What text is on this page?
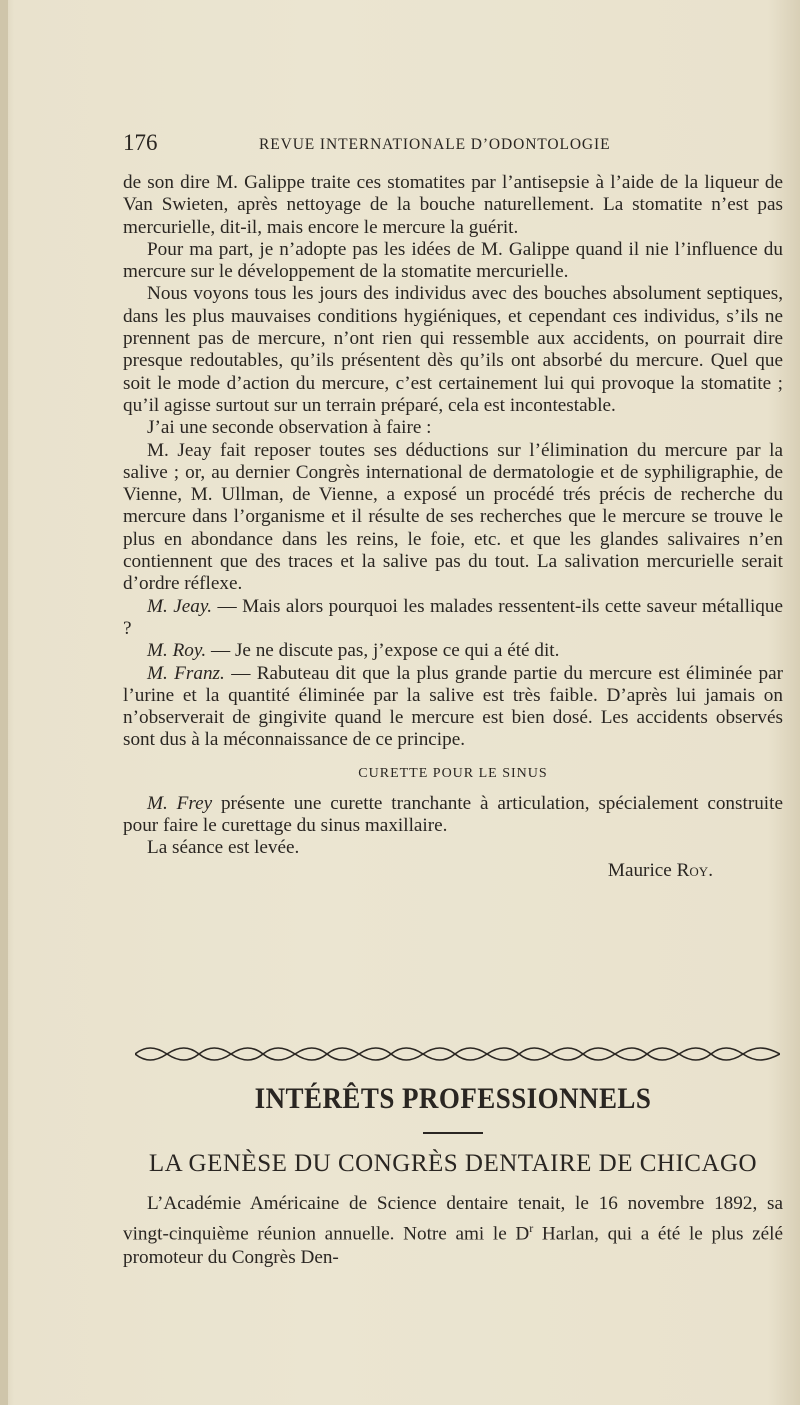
176	REVUE INTERNATIONALE D’ODONTOLOGIE

de son dire M. Galippe traite ces stomatites par l’antisepsie à l’aide de la liqueur de Van Swieten, après nettoyage de la bouche naturellement. La stomatite n’est pas mercurielle, dit-il, mais encore le mercure la guérit.

Pour ma part, je n’adopte pas les idées de M. Galippe quand il nie l’influence du mercure sur le développement de la stomatite mercurielle.

Nous voyons tous les jours des individus avec des bouches absolument septiques, dans les plus mauvaises conditions hygiéniques, et cependant ces individus, s’ils ne prennent pas de mercure, n’ont rien qui ressemble aux accidents, on pourrait dire presque redoutables, qu’ils présentent dès qu’ils ont absorbé du mercure. Quel que soit le mode d’action du mercure, c’est certainement lui qui provoque la stomatite ; qu’il agisse surtout sur un terrain préparé, cela est incontestable.

J’ai une seconde observation à faire :

M. Jeay fait reposer toutes ses déductions sur l’élimination du mercure par la salive ; or, au dernier Congrès international de dermatologie et de syphiligraphie, de Vienne, M. Ullman, de Vienne, a exposé un procédé trés précis de recherche du mercure dans l’organisme et il résulte de ses recherches que le mercure se trouve le plus en abondance dans les reins, le foie, etc. et que les glandes salivaires n’en contiennent que des traces et la salive pas du tout. La salivation mercurielle serait d’ordre réflexe.

M. Jeay. — Mais alors pourquoi les malades ressentent-ils cette saveur métallique ?

M. Roy. — Je ne discute pas, j’expose ce qui a été dit.

M. Franz. — Rabuteau dit que la plus grande partie du mercure est éliminée par l’urine et la quantité éliminée par la salive est très faible. D’après lui jamais on n’observerait de gingivite quand le mercure est bien dosé. Les accidents observés sont dus à la méconnaissance de ce principe.

CURETTE POUR LE SINUS

M. Frey présente une curette tranchante à articulation, spécialement construite pour faire le curettage du sinus maxillaire.

La séance est levée.

Maurice Roy.

INTÉRÊTS PROFESSIONNELS
LA GENÈSE DU CONGRÈS DENTAIRE DE CHICAGO

L’Académie Américaine de Science dentaire tenait, le 16 novembre 1892, sa vingt-cinquième réunion annuelle. Notre ami le $D^r$ Harlan, qui a été le plus zélé promoteur du Congrès Den-
